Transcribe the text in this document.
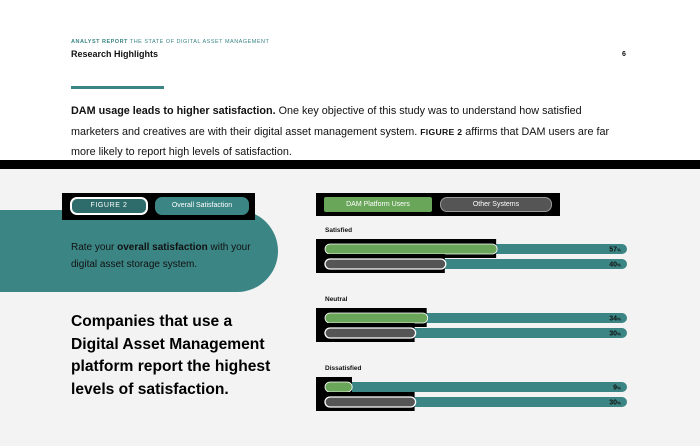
ANALYST REPORT THE STATE OF DIGITAL ASSET MANAGEMENT
Research Highlights	6

DAM usage leads to higher satisfaction. One key objective of this study was to understand how satisfied marketers and creatives are with their digital asset management system. FIGURE 2 affirms that DAM users are far more likely to report high levels of satisfaction.

FIGURE 2	Overall Satisfaction

Rate your overall satisfaction with your digital asset storage system.

Companies that use a Digital Asset Management platform report the highest levels of satisfaction.

DAM Platform Users	Other Systems
Satisfied
57 %
40 %
Neutral
34 %
30 %
Dissatisfied
9 %
30 %
